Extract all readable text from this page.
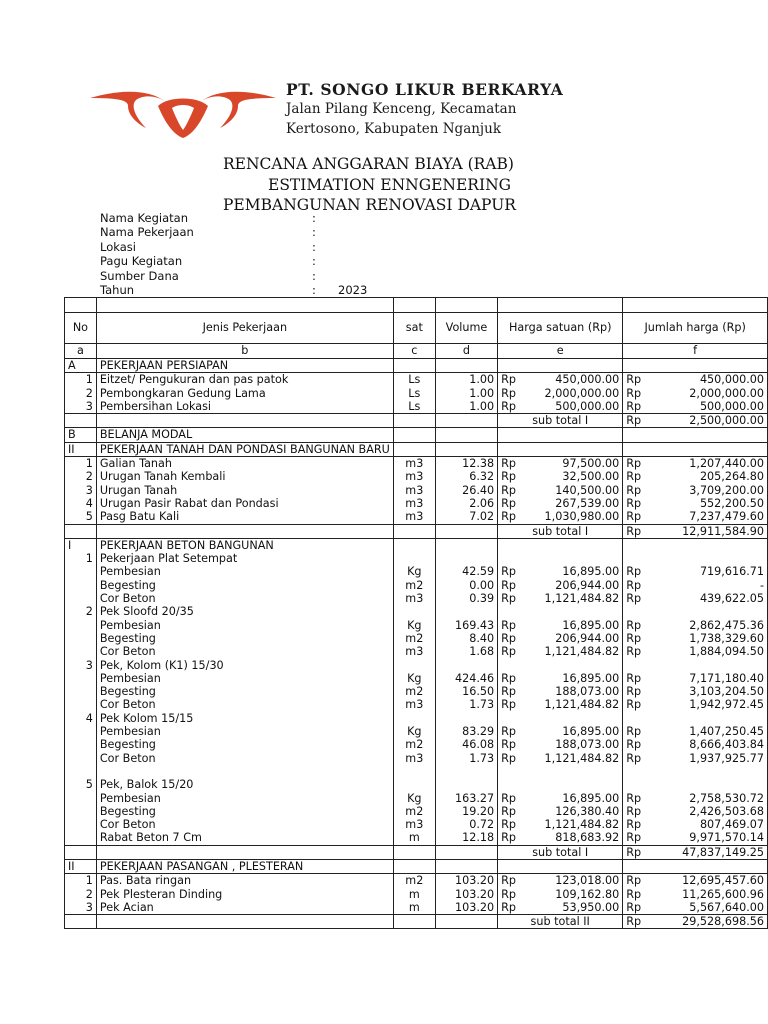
PT. SONGO LIKUR BERKARYA
Jalan Pilang Kenceng, Kecamatan
Kertosono, Kabupaten Nganjuk
RENCANA ANGGARAN BIAYA (RAB)
ESTIMATION ENNGENERING
PEMBANGUNAN RENOVASI DAPUR
Nama Kegiatan	:
Nama Pekerjaan	:
Lokasi	:
Pagu Kegiatan	:
Sumber Dana	:
Tahun	: 2023

No	Jenis Pekerjaan	sat	Volume	Harga satuan (Rp)	Jumlah harga (Rp)
a	b	c	d	e	f
A	PEKERJAAN PERSIAPAN				
1	Eitzet/ Pengukuran dan pas patok	Ls	1.00	Rp 450,000.00	Rp 450,000.00

2	Pembongkaran Gedung Lama	Ls	1.00	Rp 2,000,000.00	Rp 2,000,000.00

3	Pembersihan Lokasi	Ls	1.00	Rp 500,000.00	Rp 500,000.00

				sub total I	Rp 2,500,000.00

B	BELANJA MODAL				
II	PEKERJAAN TANAH DAN PONDASI BANGUNAN BARU				
1	Galian Tanah	m3	12.38	Rp 97,500.00	Rp 1,207,440.00

2	Urugan Tanah Kembali	m3	6.32	Rp 32,500.00	Rp 205,264.80

3	Urugan Tanah	m3	26.40	Rp 140,500.00	Rp 3,709,200.00

4	Urugan Pasir Rabat dan Pondasi	m3	2.06	Rp 267,539.00	Rp 552,200.50

5	Pasg Batu Kali	m3	7.02	Rp 1,030,980.00	Rp 7,237,479.60

				sub total I	Rp 12,911,584.90

I	PEKERJAAN BETON BANGUNAN				
1	Pekerjaan Plat Setempat				
	Pembesian	Kg	42.59	Rp 16,895.00	Rp 719,616.71

	Begesting	m2	0.00	Rp 206,944.00	Rp -

	Cor Beton	m3	0.39	Rp 1,121,484.82	Rp 439,622.05

2	Pek Sloofd 20/35				
	Pembesian	Kg	169.43	Rp 16,895.00	Rp 2,862,475.36

	Begesting	m2	8.40	Rp 206,944.00	Rp 1,738,329.60

	Cor Beton	m3	1.68	Rp 1,121,484.82	Rp 1,884,094.50

3	Pek, Kolom (K1) 15/30				
	Pembesian	Kg	424.46	Rp 16,895.00	Rp 7,171,180.40

	Begesting	m2	16.50	Rp 188,073.00	Rp 3,103,204.50

	Cor Beton	m3	1.73	Rp 1,121,484.82	Rp 1,942,972.45

4	Pek Kolom 15/15				
	Pembesian	Kg	83.29	Rp 16,895.00	Rp 1,407,250.45

	Begesting	m2	46.08	Rp 188,073.00	Rp 8,666,403.84

	Cor Beton	m3	1.73	Rp 1,121,484.82	Rp 1,937,925.77

5	Pek, Balok 15/20				
	Pembesian	Kg	163.27	Rp 16,895.00	Rp 2,758,530.72

	Begesting	m2	19.20	Rp 126,380.40	Rp 2,426,503.68

	Cor Beton	m3	0.72	Rp 1,121,484.82	Rp 807,469.07

	Rabat Beton 7 Cm	m	12.18	Rp 818,683.92	Rp 9,971,570.14

				sub total I	Rp 47,837,149.25

II	PEKERJAAN PASANGAN , PLESTERAN				
1	Pas. Bata ringan	m2	103.20	Rp 123,018.00	Rp 12,695,457.60

2	Pek Plesteran Dinding	m	103.20	Rp 109,162.80	Rp 11,265,600.96

3	Pek Acian	m	103.20	Rp 53,950.00	Rp 5,567,640.00

				sub total II	Rp 29,528,698.56
